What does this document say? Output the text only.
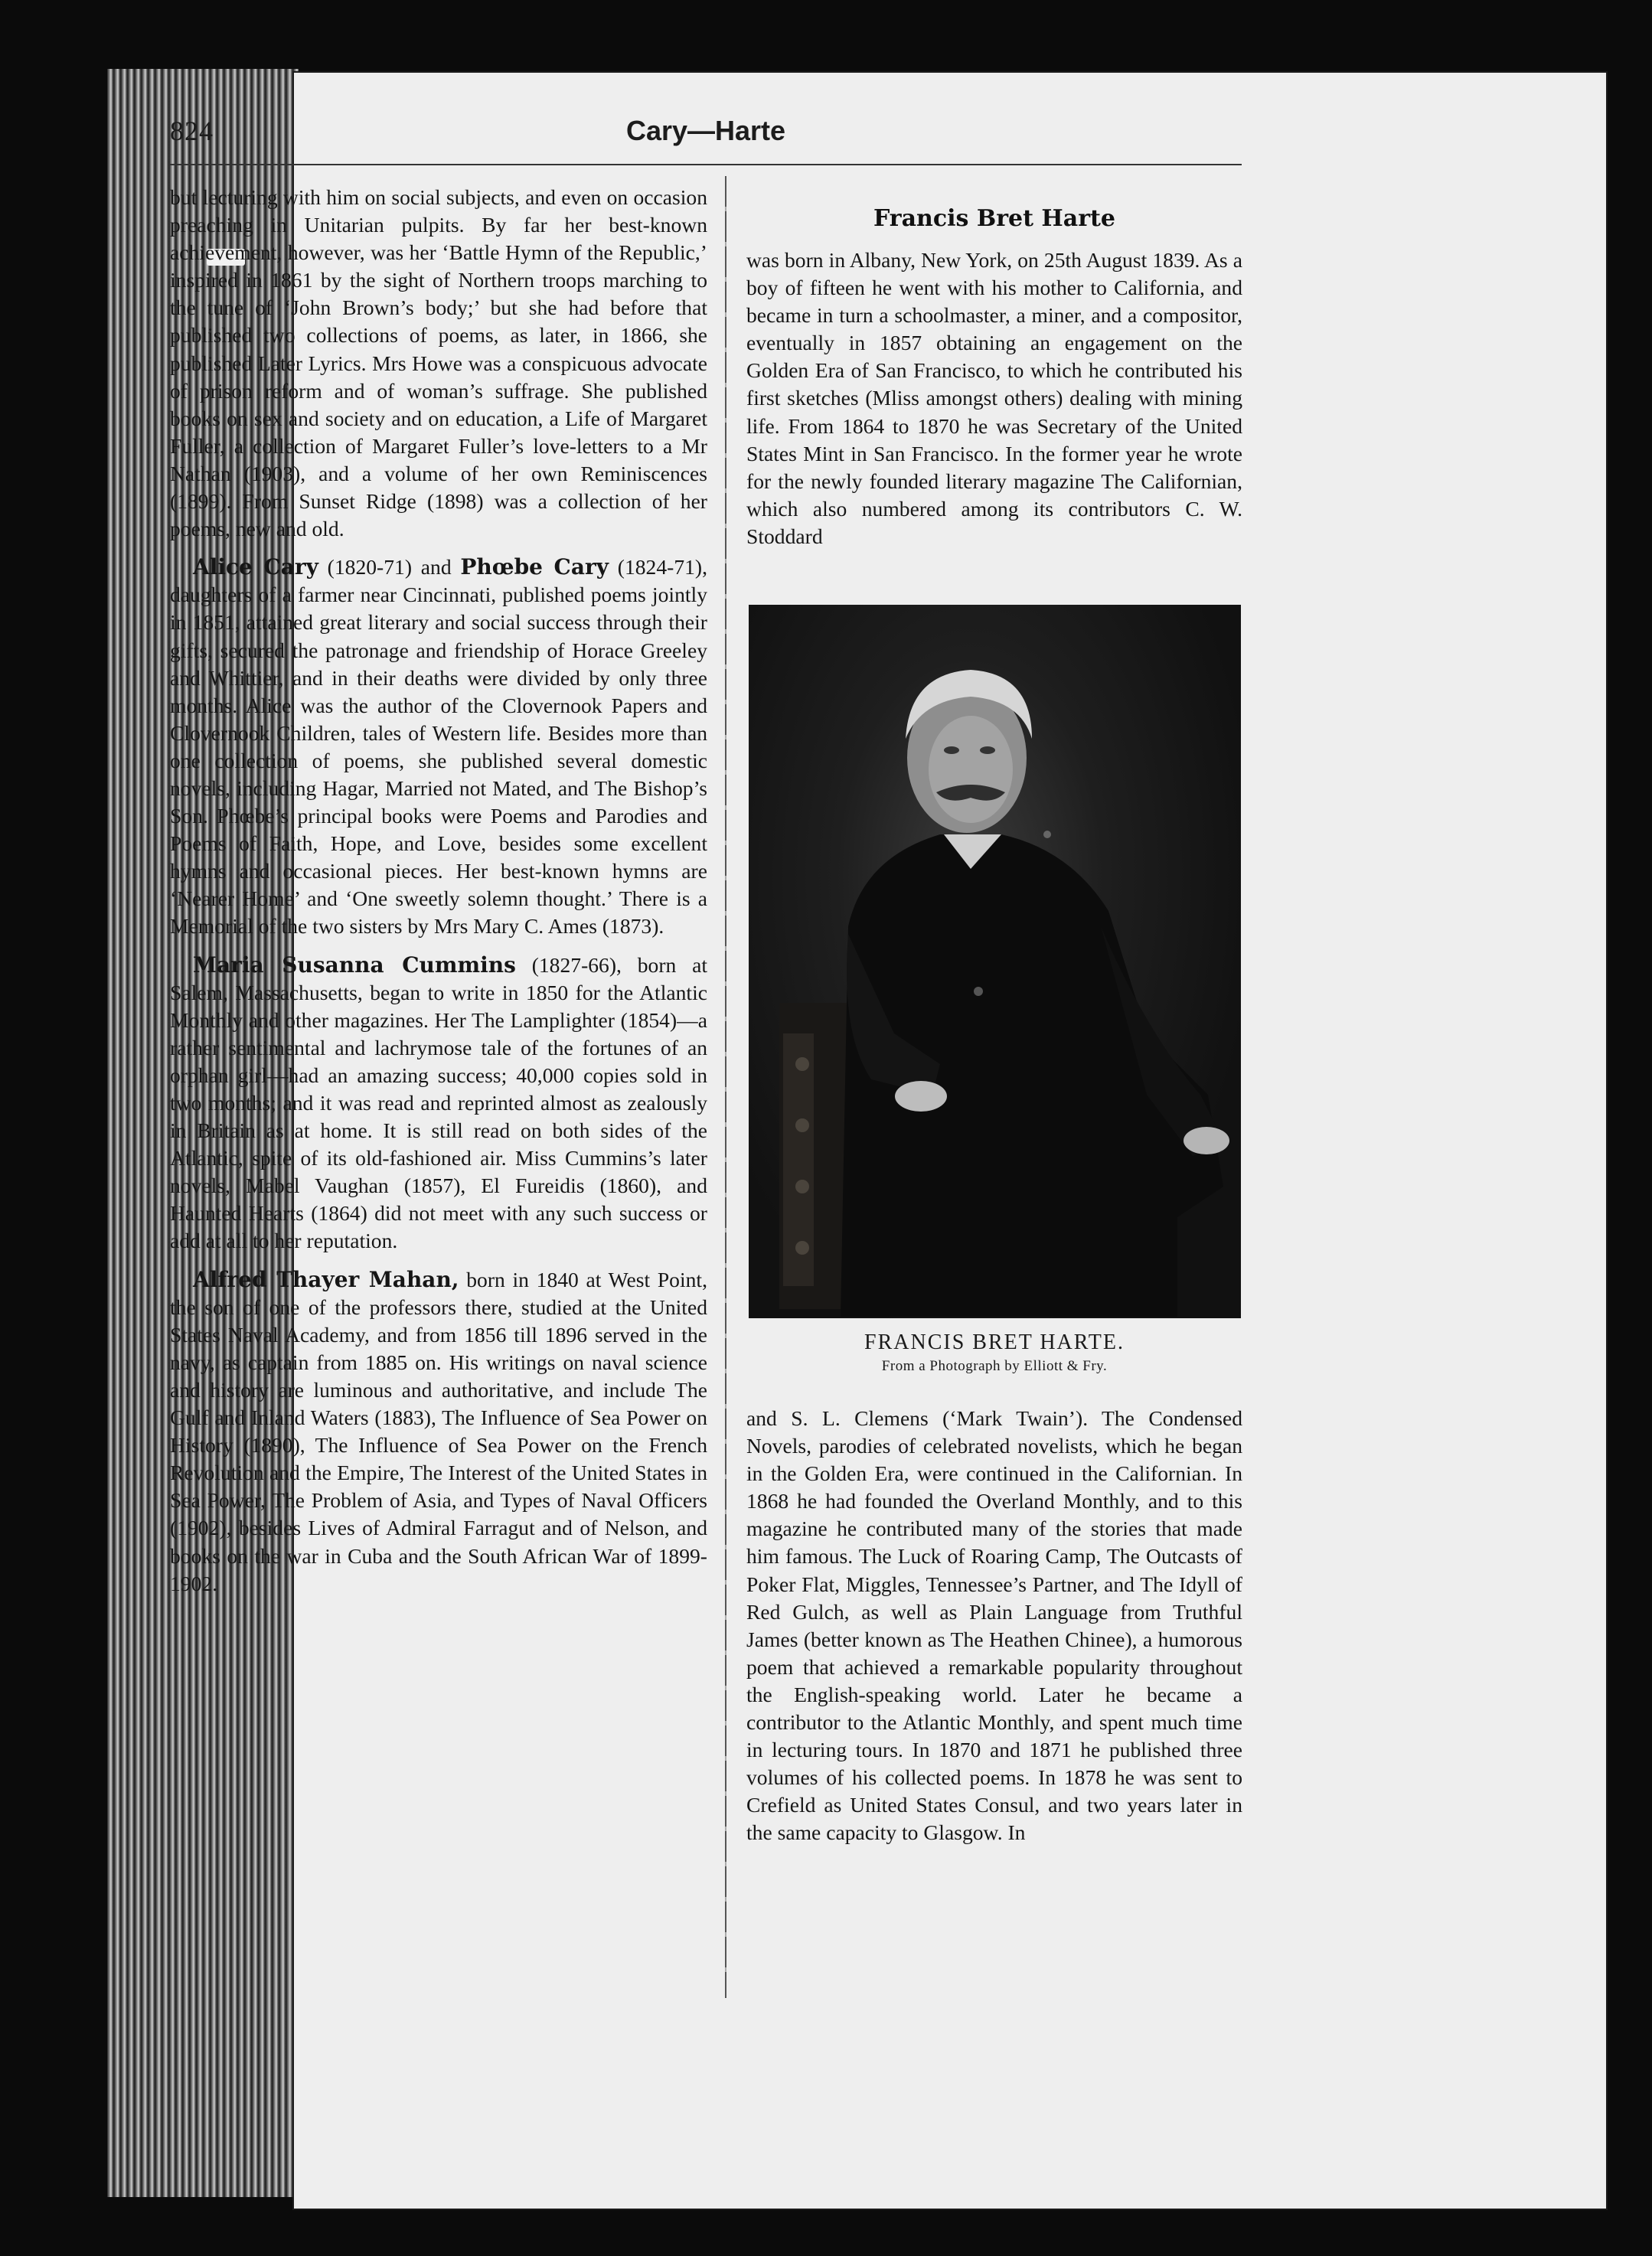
824	Cary—Harte

but lecturing with him on social subjects, and even on occasion preaching in Unitarian pulpits. By far her best-known achievement, however, was her ‘Battle Hymn of the Republic,’ inspired in 1861 by the sight of Northern troops marching to the tune of ‘John Brown’s body;’ but she had before that published two collections of poems, as later, in 1866, she published Later Lyrics. Mrs Howe was a conspicuous advocate of prison reform and of woman’s suffrage. She published books on sex and society and on education, a Life of Margaret Fuller, a collection of Margaret Fuller’s love-letters to a Mr Nathan (1903), and a volume of her own Reminiscences (1899). From Sunset Ridge (1898) was a collection of her poems, new and old.

Alice Cary (1820-71) and Phœbe Cary (1824-71), daughters of a farmer near Cincinnati, published poems jointly in 1851, attained great literary and social success through their gifts, secured the patronage and friendship of Horace Greeley and Whittier, and in their deaths were divided by only three months. Alice was the author of the Clovernook Papers and Clovernook Children, tales of Western life. Besides more than one collection of poems, she published several domestic novels, including Hagar, Married not Mated, and The Bishop’s Son. Phœbe’s principal books were Poems and Parodies and Poems of Faith, Hope, and Love, besides some excellent hymns and occasional pieces. Her best-known hymns are ‘Nearer Home’ and ‘One sweetly solemn thought.’ There is a Memorial of the two sisters by Mrs Mary C. Ames (1873).

Maria Susanna Cummins (1827-66), born at Salem, Massachusetts, began to write in 1850 for the Atlantic Monthly and other magazines. Her The Lamplighter (1854)—a rather sentimental and lachrymose tale of the fortunes of an orphan girl—had an amazing success; 40,000 copies sold in two months; and it was read and reprinted almost as zealously in Britain as at home. It is still read on both sides of the Atlantic, spite of its old-fashioned air. Miss Cummins’s later novels, Mabel Vaughan (1857), El Fureidis (1860), and Haunted Hearts (1864) did not meet with any such success or add at all to her reputation.

Alfred Thayer Mahan, born in 1840 at West Point, the son of one of the professors there, studied at the United States Naval Academy, and from 1856 till 1896 served in the navy, as captain from 1885 on. His writings on naval science and history are luminous and authoritative, and include The Gulf and Inland Waters (1883), The Influence of Sea Power on History (1890), The Influence of Sea Power on the French Revolution and the Empire, The Interest of the United States in Sea Power, The Problem of Asia, and Types of Naval Officers (1902), besides Lives of Admiral Farragut and of Nelson, and books on the war in Cuba and the South African War of 1899-1902.

Francis Bret Harte

was born in Albany, New York, on 25th August 1839. As a boy of fifteen he went with his mother to California, and became in turn a schoolmaster, a miner, and a compositor, eventually in 1857 obtaining an engagement on the Golden Era of San Francisco, to which he contributed his first sketches (Mliss amongst others) dealing with mining life. From 1864 to 1870 he was Secretary of the United States Mint in San Francisco. In the former year he wrote for the newly founded literary magazine The Californian, which also numbered among its contributors C. W. Stoddard

FRANCIS BRET HARTE.
From a Photograph by Elliott & Fry.

and S. L. Clemens (‘Mark Twain’). The Condensed Novels, parodies of celebrated novelists, which he began in the Golden Era, were continued in the Californian. In 1868 he had founded the Overland Monthly, and to this magazine he contributed many of the stories that made him famous. The Luck of Roaring Camp, The Outcasts of Poker Flat, Miggles, Tennessee’s Partner, and The Idyll of Red Gulch, as well as Plain Language from Truthful James (better known as The Heathen Chinee), a humorous poem that achieved a remarkable popularity throughout the English-speaking world. Later he became a contributor to the Atlantic Monthly, and spent much time in lecturing tours. In 1870 and 1871 he published three volumes of his collected poems. In 1878 he was sent to Crefield as United States Consul, and two years later in the same capacity to Glasgow. In
